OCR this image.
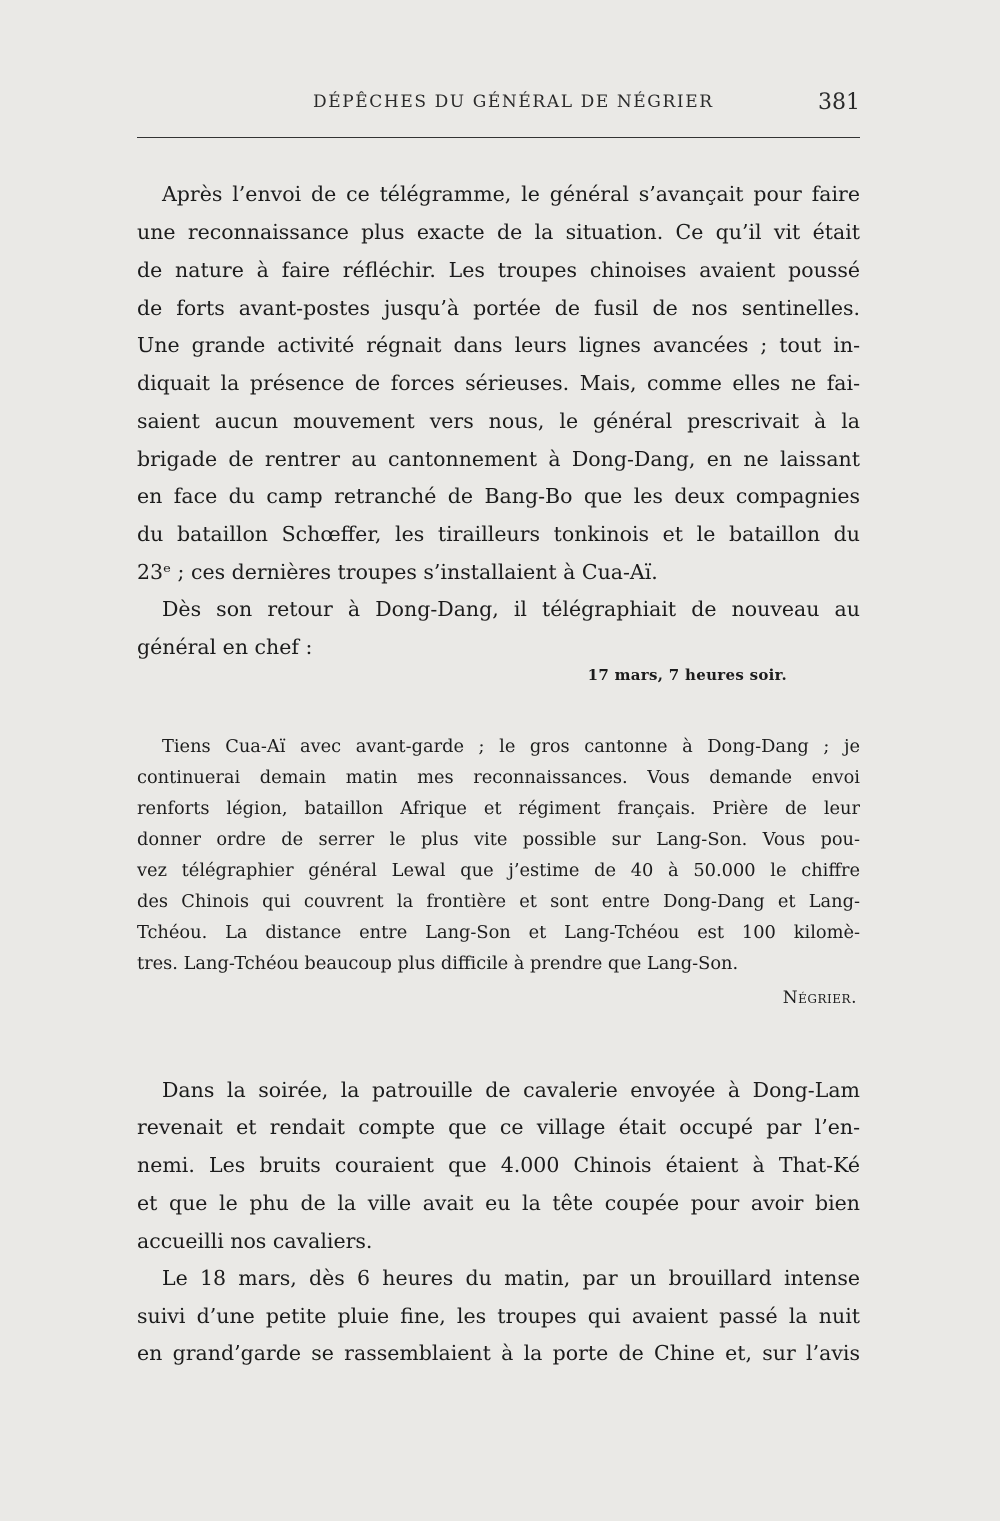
DÉPÊCHES DU GÉNÉRAL DE NÉGRIER	381

Après l’envoi de ce télégramme, le général s’avançait pour faire

une reconnaissance plus exacte de la situation. Ce qu’il vit était

de nature à faire réfléchir. Les troupes chinoises avaient poussé

de forts avant-postes jusqu’à portée de fusil de nos sentinelles.

Une grande activité régnait dans leurs lignes avancées ; tout in-

diquait la présence de forces sérieuses. Mais, comme elles ne fai-

saient aucun mouvement vers nous, le général prescrivait à la

brigade de rentrer au cantonnement à Dong-Dang, en ne laissant

en face du camp retranché de Bang-Bo que les deux compagnies

du bataillon Schœffer, les tirailleurs tonkinois et le bataillon du

23ᵉ ; ces dernières troupes s’installaient à Cua-Aï.

Dès son retour à Dong-Dang, il télégraphiait de nouveau au

général en chef :

17 mars, 7 heures soir.

Tiens Cua-Aï avec avant-garde ; le gros cantonne à Dong-Dang ; je

continuerai demain matin mes reconnaissances. Vous demande envoi

renforts légion, bataillon Afrique et régiment français. Prière de leur

donner ordre de serrer le plus vite possible sur Lang-Son. Vous pou-

vez télégraphier général Lewal que j’estime de 40 à 50.000 le chiffre

des Chinois qui couvrent la frontière et sont entre Dong-Dang et Lang-

Tchéou. La distance entre Lang-Son et Lang-Tchéou est 100 kilomè-

tres. Lang-Tchéou beaucoup plus difficile à prendre que Lang-Son.

Négrier.

Dans la soirée, la patrouille de cavalerie envoyée à Dong-Lam

revenait et rendait compte que ce village était occupé par l’en-

nemi. Les bruits couraient que 4.000 Chinois étaient à That-Ké

et que le phu de la ville avait eu la tête coupée pour avoir bien

accueilli nos cavaliers.

Le 18 mars, dès 6 heures du matin, par un brouillard intense

suivi d’une petite pluie fine, les troupes qui avaient passé la nuit

en grand’garde se rassemblaient à la porte de Chine et, sur l’avis
